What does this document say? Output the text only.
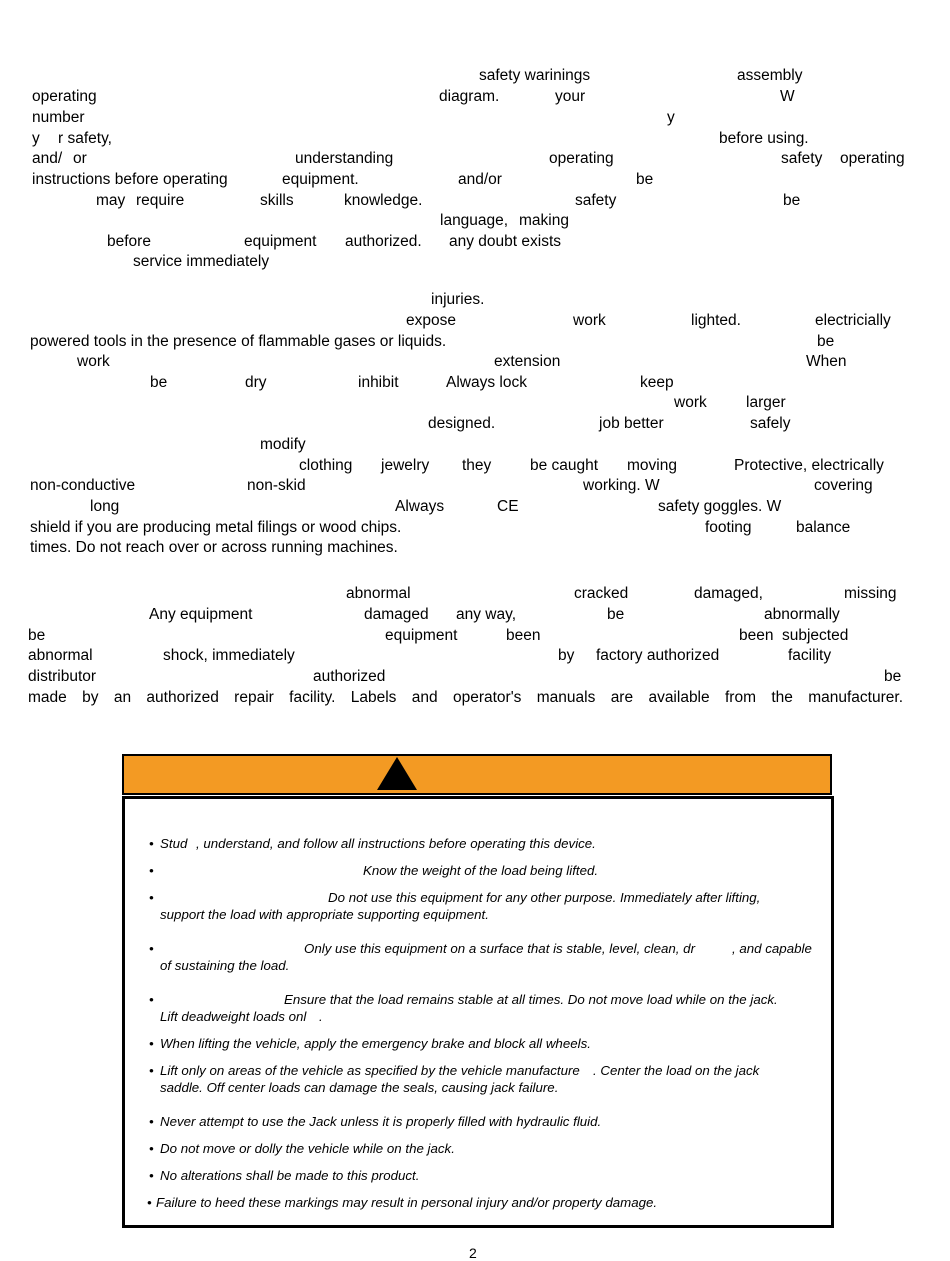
safety warinings	assembly
operating	diagram.	your	W
number	y
y r safety,	before using.
and/ or	understanding	operating	safety operating
instructions before operating	equipment.	and/or	be
may require	skills	knowledge.	safety	be
language, making
before	equipment authorized. any doubt exists
service immediately
injuries.
expose	work	lighted.	electricially
powered tools in the presence of flammable gases or liquids.	be
work	extension	When
be	dry	inhibit	Always lock	keep
work	larger
designed.	job better	safely
modify
clothing jewelry they be caught moving	Protective, electrically
non-conductive	non-skid	working. W	covering
long	Always	CE	safety goggles. W
shield if you are producing metal filings or wood chips.	footing	balance
times. Do not reach over or across running machines.
abnormal	cracked	damaged,	missing
Any equipment	damaged any way,	be	abnormally
be	equipment	been	been subjected
abnormal	shock, immediately	by factory authorized	facility
distributor	authorized	be
made by an authorized repair facility. Labels and operator's manuals are available from the manufacturer.
• Stud , understand, and follow all instructions before operating this device.
•	Know the weight of the load being lifted.
•	Do not use this equipment for any other purpose. Immediately after lifting,
support the load with appropriate supporting equipment.
•	Only use this equipment on a surface that is stable, level, clean, dr	, and capable
of sustaining the load.
•	Ensure that the load remains stable at all times. Do not move load while on the jack.
Lift deadweight loads onl .
• When lifting the vehicle, apply the emergency brake and block all wheels.
• Lift only on areas of the vehicle as specified by the vehicle manufacture . Center the load on the jack
saddle. Off center loads can damage the seals, causing jack failure.
• Never attempt to use the Jack unless it is properly filled with hydraulic fluid.
• Do not move or dolly the vehicle while on the jack.
• No alterations shall be made to this product.
• Failure to heed these markings may result in personal injury and/or property damage.
2
